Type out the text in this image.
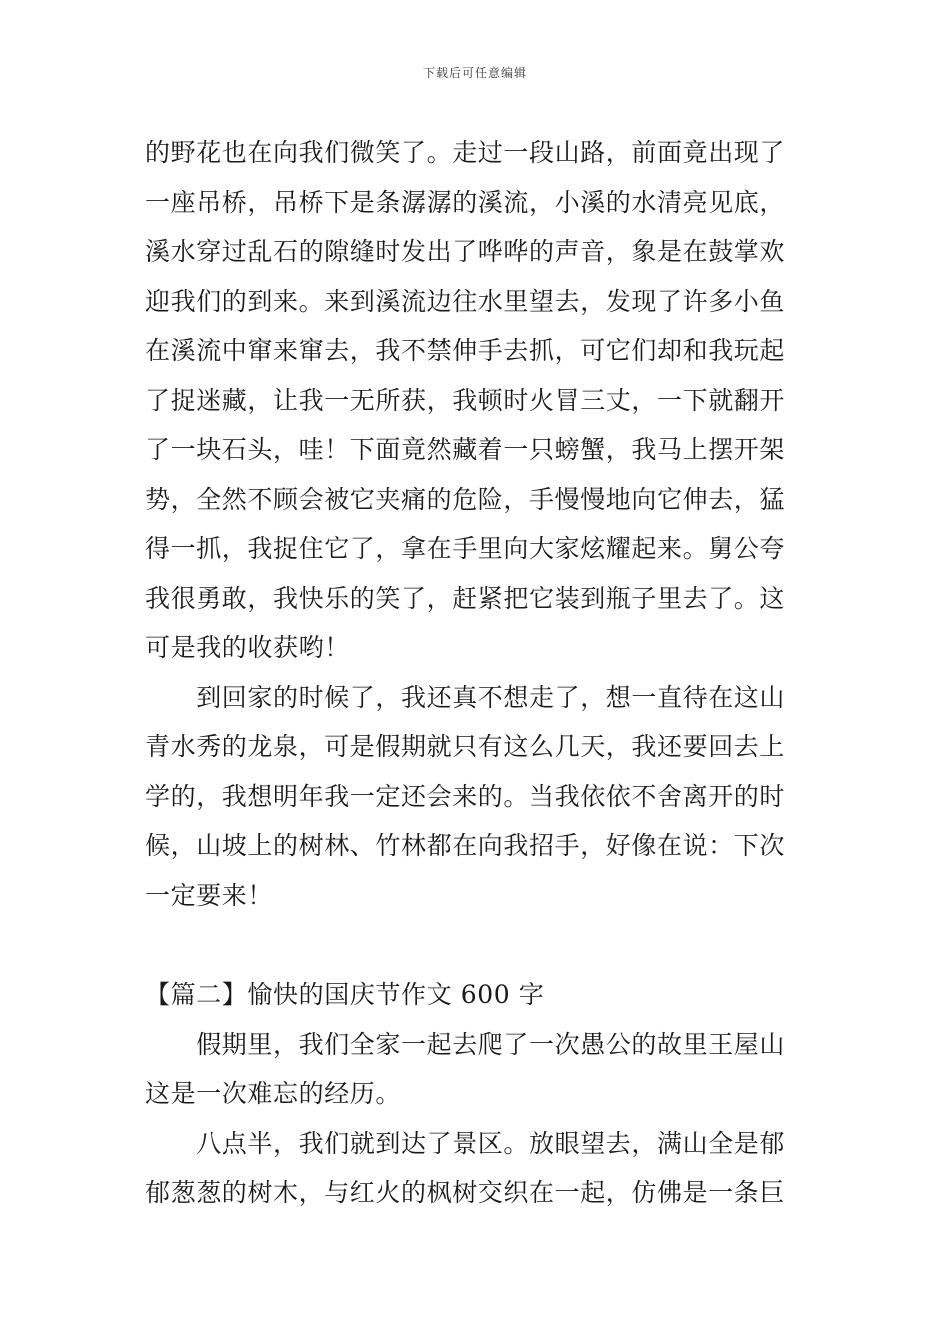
下载后可任意编辑
的野花也在向我们微笑了。走过一段山路，前面竟出现了
一座吊桥，吊桥下是条潺潺的溪流，小溪的水清亮见底，
溪水穿过乱石的隙缝时发出了哗哗的声音，象是在鼓掌欢
迎我们的到来。来到溪流边往水里望去，发现了许多小鱼
在溪流中窜来窜去，我不禁伸手去抓，可它们却和我玩起
了捉迷藏，让我一无所获，我顿时火冒三丈，一下就翻开
了一块石头，哇！下面竟然藏着一只螃蟹，我马上摆开架
势，全然不顾会被它夹痛的危险，手慢慢地向它伸去，猛
得一抓，我捉住它了，拿在手里向大家炫耀起来。舅公夸
我很勇敢，我快乐的笑了，赶紧把它装到瓶子里去了。这
可是我的收获哟！
　　到回家的时候了，我还真不想走了，想一直待在这山
青水秀的龙泉，可是假期就只有这么几天，我还要回去上
学的，我想明年我一定还会来的。当我依依不舍离开的时
候，山坡上的树林、竹林都在向我招手，好像在说：下次
一定要来！
【篇二】愉快的国庆节作文 600 字
　　假期里，我们全家一起去爬了一次愚公的故里王屋山
这是一次难忘的经历。
　　八点半，我们就到达了景区。放眼望去，满山全是郁
郁葱葱的树木，与红火的枫树交织在一起，仿佛是一条巨
